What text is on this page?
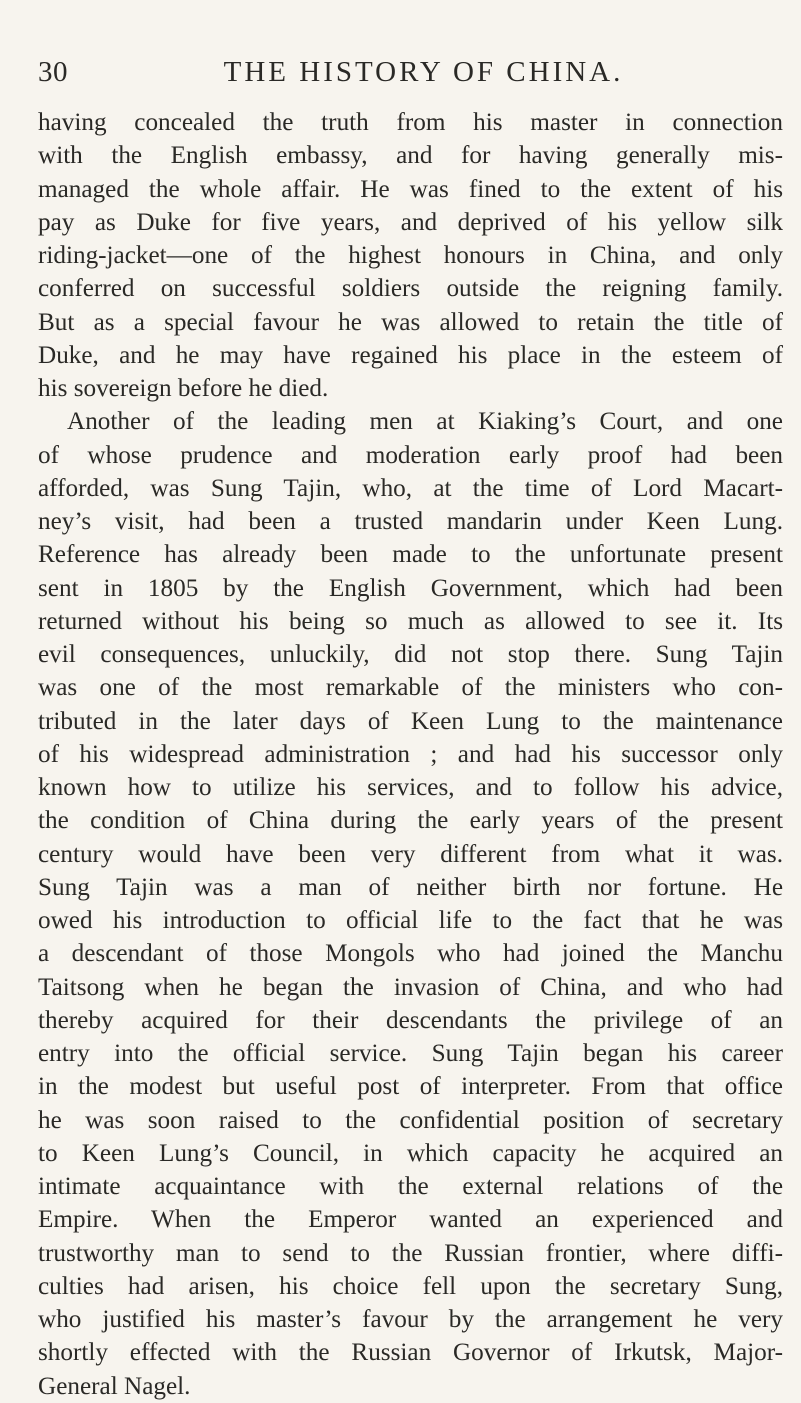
30	THE HISTORY OF CHINA.
having concealed the truth from his master in connection
with the English embassy, and for having generally mis-
managed the whole affair. He was fined to the extent of his
pay as Duke for five years, and deprived of his yellow silk
riding-jacket—one of the highest honours in China, and only
conferred on successful soldiers outside the reigning family.
But as a special favour he was allowed to retain the title of
Duke, and he may have regained his place in the esteem of
his sovereign before he died.
Another of the leading men at Kiaking’s Court, and one
of whose prudence and moderation early proof had been
afforded, was Sung Tajin, who, at the time of Lord Macart-
ney’s visit, had been a trusted mandarin under Keen Lung.
Reference has already been made to the unfortunate present
sent in 1805 by the English Government, which had been
returned without his being so much as allowed to see it. Its
evil consequences, unluckily, did not stop there. Sung Tajin
was one of the most remarkable of the ministers who con-
tributed in the later days of Keen Lung to the maintenance
of his widespread administration ; and had his successor only
known how to utilize his services, and to follow his advice,
the condition of China during the early years of the present
century would have been very different from what it was.
Sung Tajin was a man of neither birth nor fortune. He
owed his introduction to official life to the fact that he was
a descendant of those Mongols who had joined the Manchu
Taitsong when he began the invasion of China, and who had
thereby acquired for their descendants the privilege of an
entry into the official service. Sung Tajin began his career
in the modest but useful post of interpreter. From that office
he was soon raised to the confidential position of secretary
to Keen Lung’s Council, in which capacity he acquired an
intimate acquaintance with the external relations of the
Empire. When the Emperor wanted an experienced and
trustworthy man to send to the Russian frontier, where diffi-
culties had arisen, his choice fell upon the secretary Sung,
who justified his master’s favour by the arrangement he very
shortly effected with the Russian Governor of Irkutsk, Major-
General Nagel.
